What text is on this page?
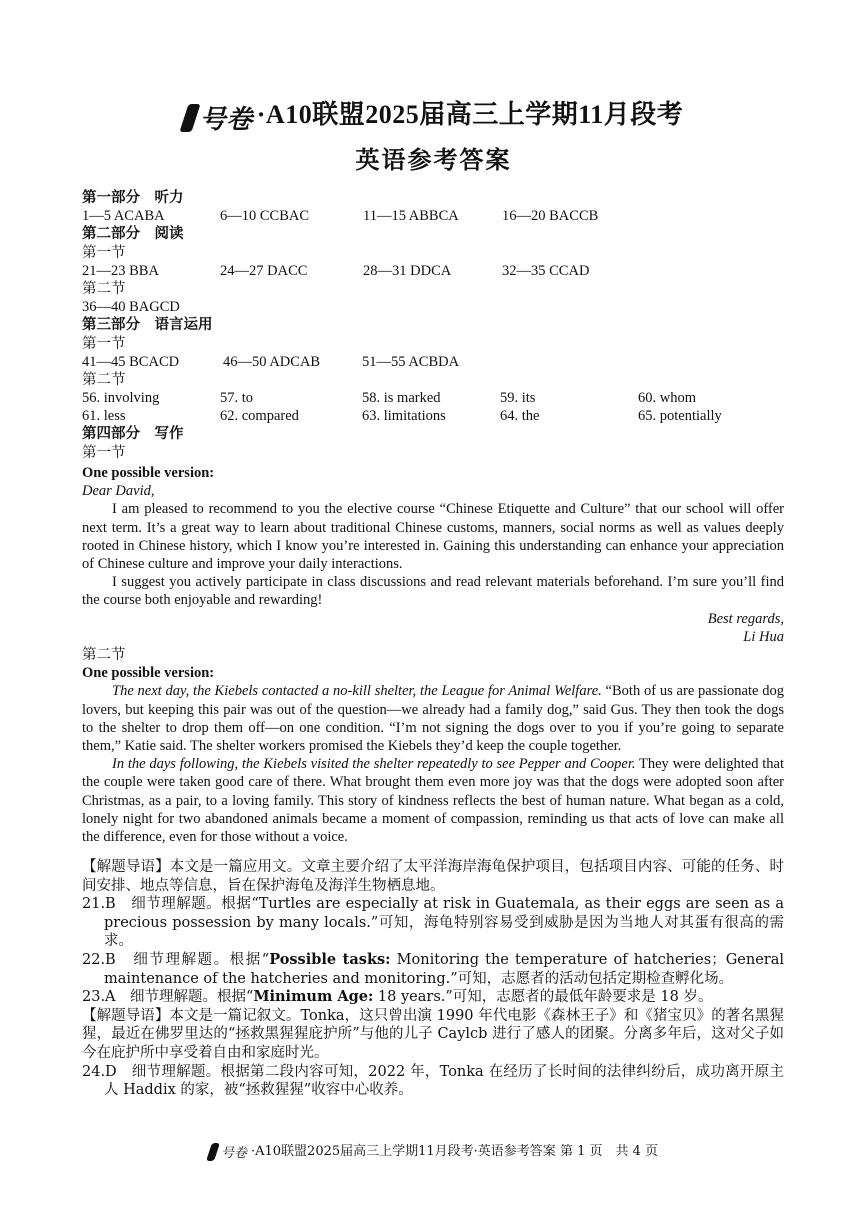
号卷 ·A10联盟2025届高三上学期11月段考
英语参考答案
第一部分　听力
1—5 ACABA	6—10 CCBAC	11—15 ABBCA	16—20 BACCB
第二部分　阅读
第一节
21—23 BBA	24—27 DACC	28—31 DDCA	32—35 CCAD
第二节
36—40 BAGCD
第三部分　语言运用
第一节
41—45 BCACD	46—50 ADCAB	51—55 ACBDA
第二节
56. involving	57. to	58. is marked	59. its	60. whom
61. less	62. compared	63. limitations	64. the	65. potentially
第四部分　写作
第一节
One possible version:
Dear David,

I am pleased to recommend to you the elective course “Chinese Etiquette and Culture” that our school will offer next term. It’s a great way to learn about traditional Chinese customs, manners, social norms as well as values deeply rooted in Chinese history, which I know you’re interested in. Gaining this understanding can enhance your appreciation of Chinese culture and improve your daily interactions.

I suggest you actively participate in class discussions and read relevant materials beforehand. I’m sure you’ll find the course both enjoyable and rewarding!

Best regards,
Li Hua
第二节
One possible version:

The next day, the Kiebels contacted a no-kill shelter, the League for Animal Welfare. “Both of us are passionate dog lovers, but keeping this pair was out of the question—we already had a family dog,” said Gus. They then took the dogs to the shelter to drop them off—on one condition. “I’m not signing the dogs over to you if you’re going to separate them,” Katie said. The shelter workers promised the Kiebels they’d keep the couple together.

In the days following, the Kiebels visited the shelter repeatedly to see Pepper and Cooper. They were delighted that the couple were taken good care of there. What brought them even more joy was that the dogs were adopted soon after Christmas, as a pair, to a loving family. This story of kindness reflects the best of human nature. What began as a cold, lonely night for two abandoned animals became a moment of compassion, reminding us that acts of love can make all the difference, even for those without a voice.

【解题导语】本文是一篇应用文。文章主要介绍了太平洋海岸海龟保护项目，包括项目内容、可能的任务、时间安排、地点等信息，旨在保护海龟及海洋生物栖息地。
21.B　细节理解题。根据“Turtles are especially at risk in Guatemala, as their eggs are seen as a precious possession by many locals.”可知，海龟特别容易受到威胁是因为当地人对其蛋有很高的需求。
22.B　细节理解题。根据“Possible tasks: Monitoring the temperature of hatcheries；General maintenance of the hatcheries and monitoring.”可知，志愿者的活动包括定期检查孵化场。
23.A　细节理解题。根据“Minimum Age: 18 years.”可知，志愿者的最低年龄要求是 18 岁。
【解题导语】本文是一篇记叙文。Tonka，这只曾出演 1990 年代电影《森林王子》和《猪宝贝》的著名黑猩猩，最近在佛罗里达的“拯救黑猩猩庇护所”与他的儿子 Caylcb 进行了感人的团聚。分离多年后，这对父子如今在庇护所中享受着自由和家庭时光。
24.D　细节理解题。根据第二段内容可知，2022 年，Tonka 在经历了长时间的法律纠纷后，成功离开原主人 Haddix 的家，被“拯救猩猩”收容中心收养。
号卷 ·A10联盟2025届高三上学期11月段考·英语参考答案 第 1 页　共 4 页
